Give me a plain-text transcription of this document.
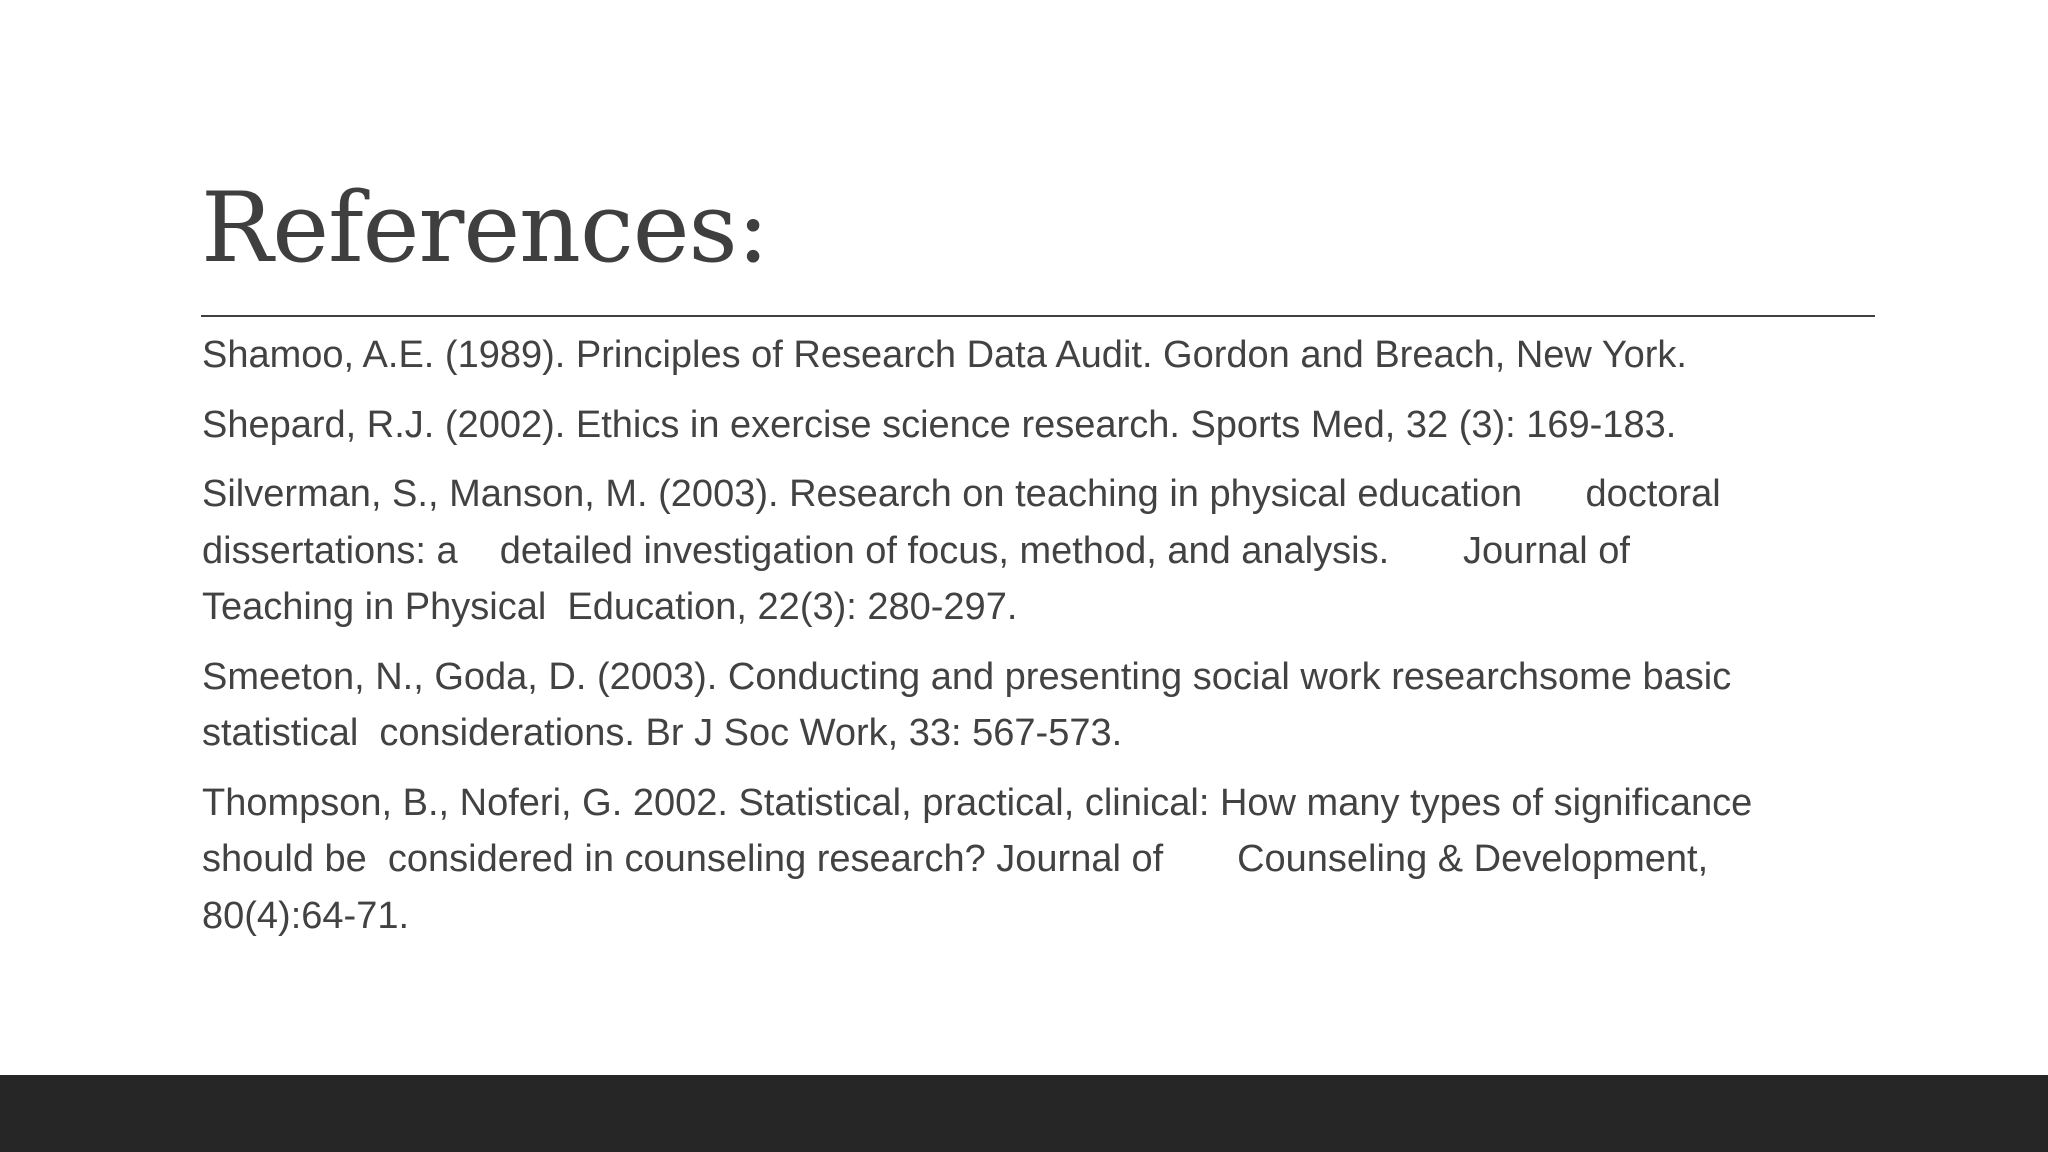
References:
Shamoo, A.E. (1989). Principles of Research Data Audit. Gordon and Breach, New York.
Shepard, R.J. (2002). Ethics in exercise science research. Sports Med, 32 (3): 169-183.
Silverman, S., Manson, M. (2003). Research on teaching in physical education      doctoral
dissertations: a    detailed investigation of focus, method, and analysis.       Journal of
Teaching in Physical  Education, 22(3): 280-297.
Smeeton, N., Goda, D. (2003). Conducting and presenting social work researchsome basic
statistical  considerations. Br J Soc Work, 33: 567-573.
Thompson, B., Noferi, G. 2002. Statistical, practical, clinical: How many types of significance
should be  considered in counseling research? Journal of       Counseling & Development,
80(4):64-71.
